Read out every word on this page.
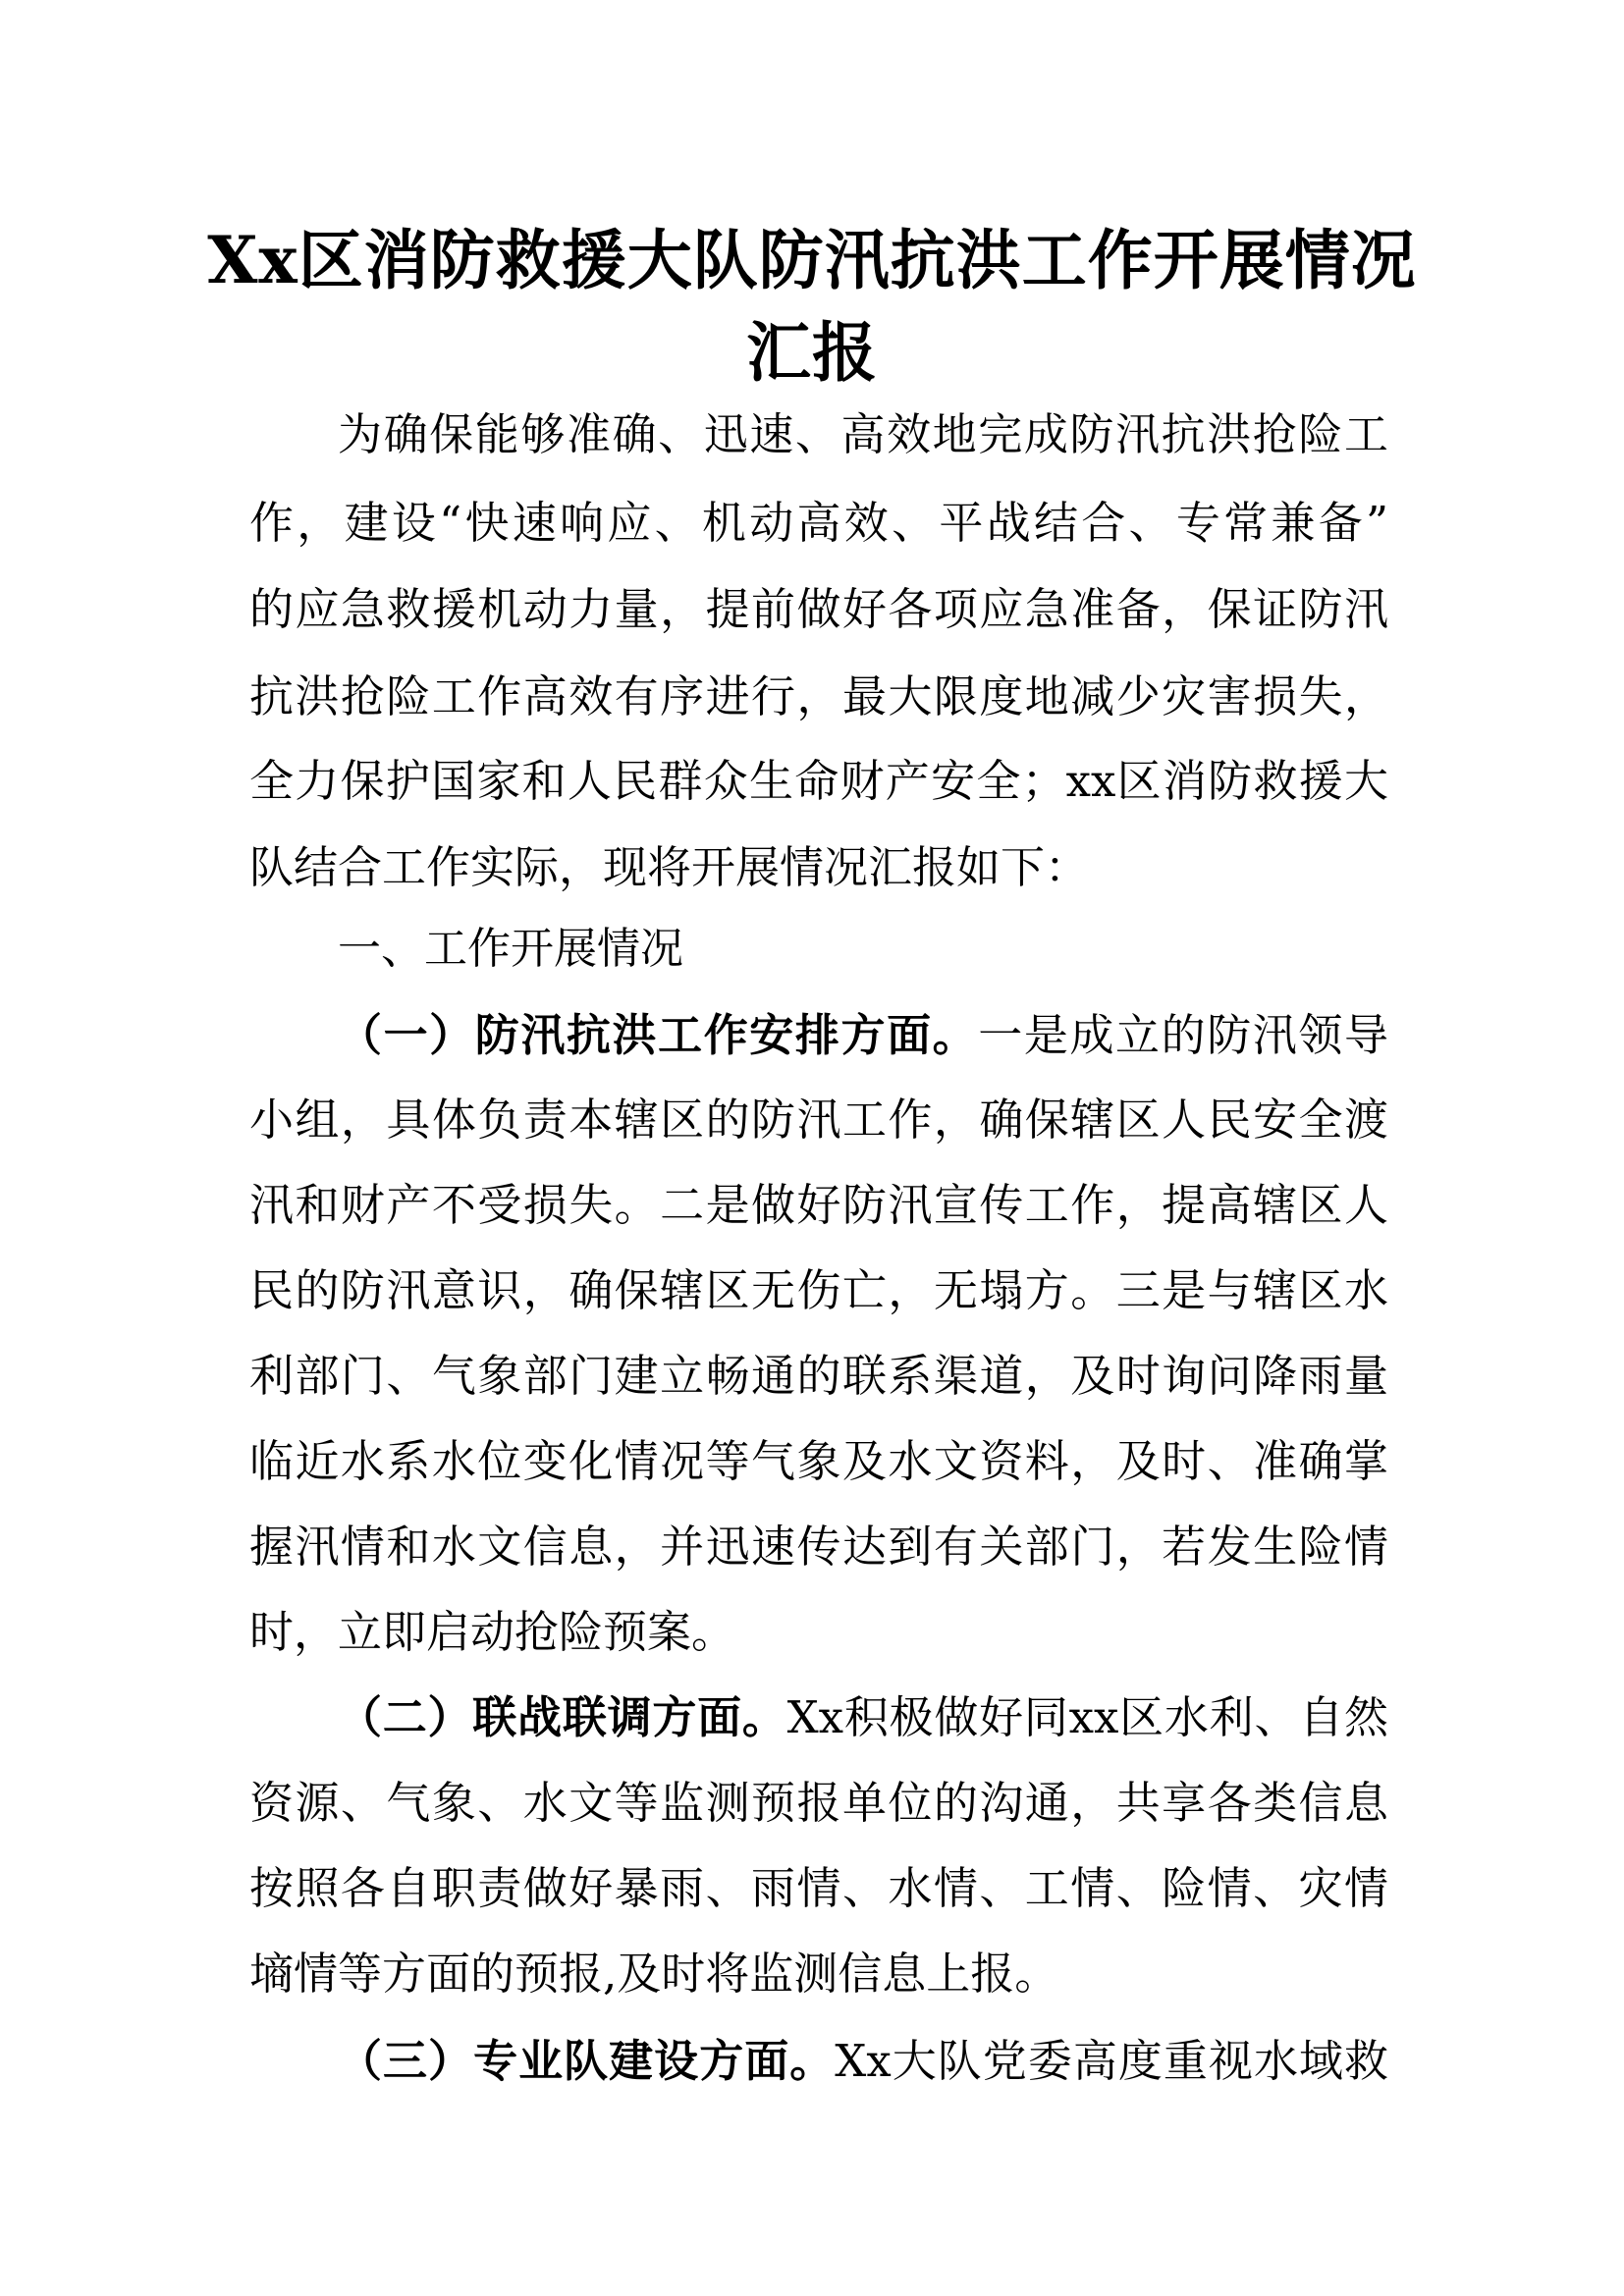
Xx区消防救援大队防汛抗洪工作开展情况
汇报
为确保能够准确、迅速、高效地完成防汛抗洪抢险工
作，建设“快速响应、机动高效、平战结合、专常兼备”
的应急救援机动力量，提前做好各项应急准备，保证防汛
抗洪抢险工作高效有序进行，最大限度地减少灾害损失，
全力保护国家和人民群众生命财产安全；xx区消防救援大
队结合工作实际，现将开展情况汇报如下：
一、工作开展情况
（一）防汛抗洪工作安排方面。一是成立的防汛领导
小组，具体负责本辖区的防汛工作，确保辖区人民安全渡
汛和财产不受损失。二是做好防汛宣传工作，提高辖区人
民的防汛意识，确保辖区无伤亡，无塌方。三是与辖区水
利部门、气象部门建立畅通的联系渠道，及时询问降雨量
临近水系水位变化情况等气象及水文资料，及时、准确掌
握汛情和水文信息，并迅速传达到有关部门，若发生险情
时，立即启动抢险预案。
（二）联战联调方面。Xx积极做好同xx区水利、自然
资源、气象、水文等监测预报单位的沟通，共享各类信息
按照各自职责做好暴雨、雨情、水情、工情、险情、灾情
墒情等方面的预报,及时将监测信息上报。
（三）专业队建设方面。Xx大队党委高度重视水域救
